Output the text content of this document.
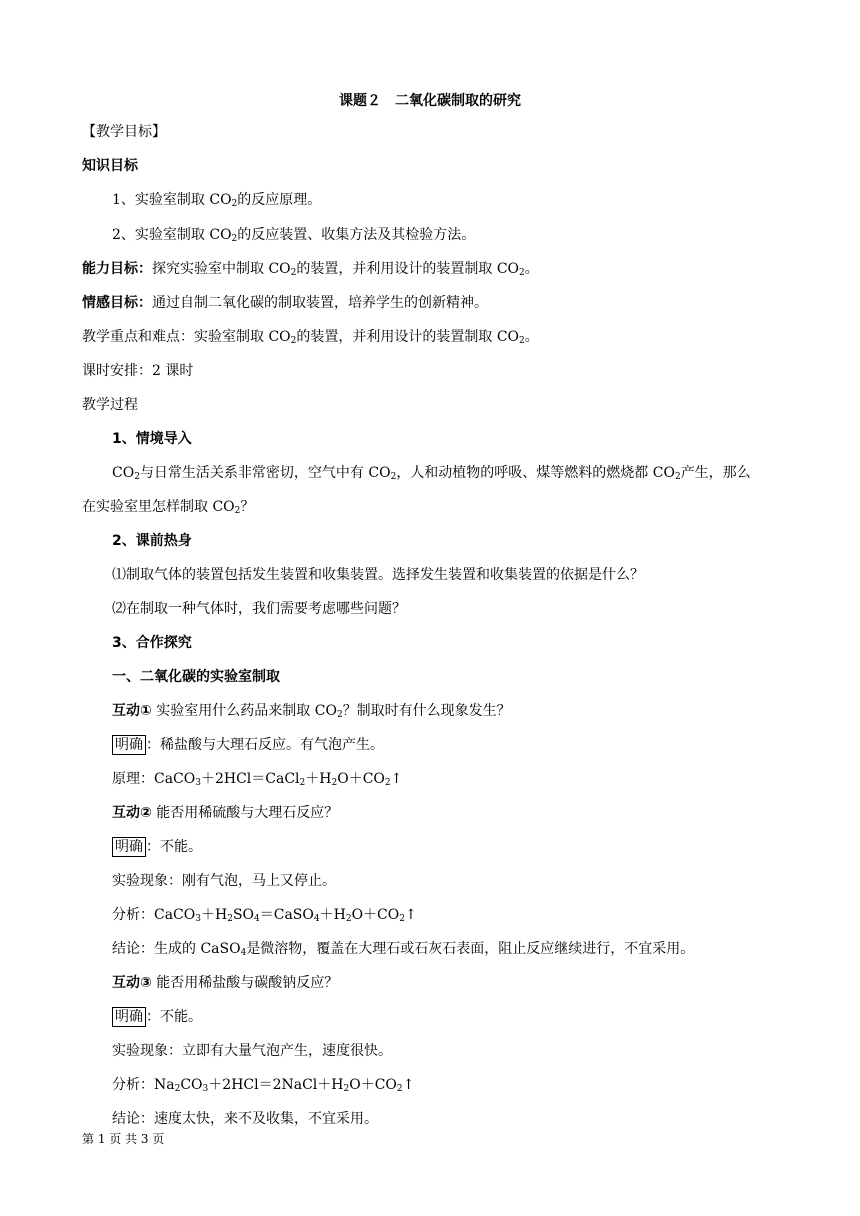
课题２　二氧化碳制取的研究
【教学目标】
知识目标
1、实验室制取 $CO_2$的反应原理。
2、实验室制取 $CO_2$的反应装置、收集方法及其检验方法。
能力目标：探究实验室中制取 $CO_2$的装置，并利用设计的装置制取 $CO_2$。
情感目标：通过自制二氧化碳的制取装置，培养学生的创新精神。
教学重点和难点：实验室制取 $CO_2$的装置，并利用设计的装置制取 $CO_2$。
课时安排：2 课时
教学过程
1、情境导入
$CO_2$与日常生活关系非常密切，空气中有 $CO_2$，人和动植物的呼吸、煤等燃料的燃烧都 $CO_2$产生，那么
在实验室里怎样制取 $CO_2$？
2、课前热身
⑴制取气体的装置包括发生装置和收集装置。选择发生装置和收集装置的依据是什么？
⑵在制取一种气体时，我们需要考虑哪些问题？
3、合作探究
一、二氧化碳的实验室制取
互动① 实验室用什么药品来制取 $CO_2$？制取时有什么现象发生？
明确 ：稀盐酸与大理石反应。有气泡产生。
原理：$CaCO_3+2HCl=CaCl_2+H_2O+CO_2↑$
互动② 能否用稀硫酸与大理石反应？
明确 ：不能。
实验现象：刚有气泡，马上又停止。
分析：$CaCO_3+H_2SO_4=CaSO_4+H_2O+CO_2↑$
结论：生成的 CaSO$_4$是微溶物，覆盖在大理石或石灰石表面，阻止反应继续进行，不宜采用。
互动③ 能否用稀盐酸与碳酸钠反应？
明确 ：不能。
实验现象：立即有大量气泡产生，速度很快。
分析：$Na_2CO_3+2HCl=2NaCl+H_2O+CO_2↑$
结论：速度太快，来不及收集，不宜采用。
第 1 页 共 3 页
